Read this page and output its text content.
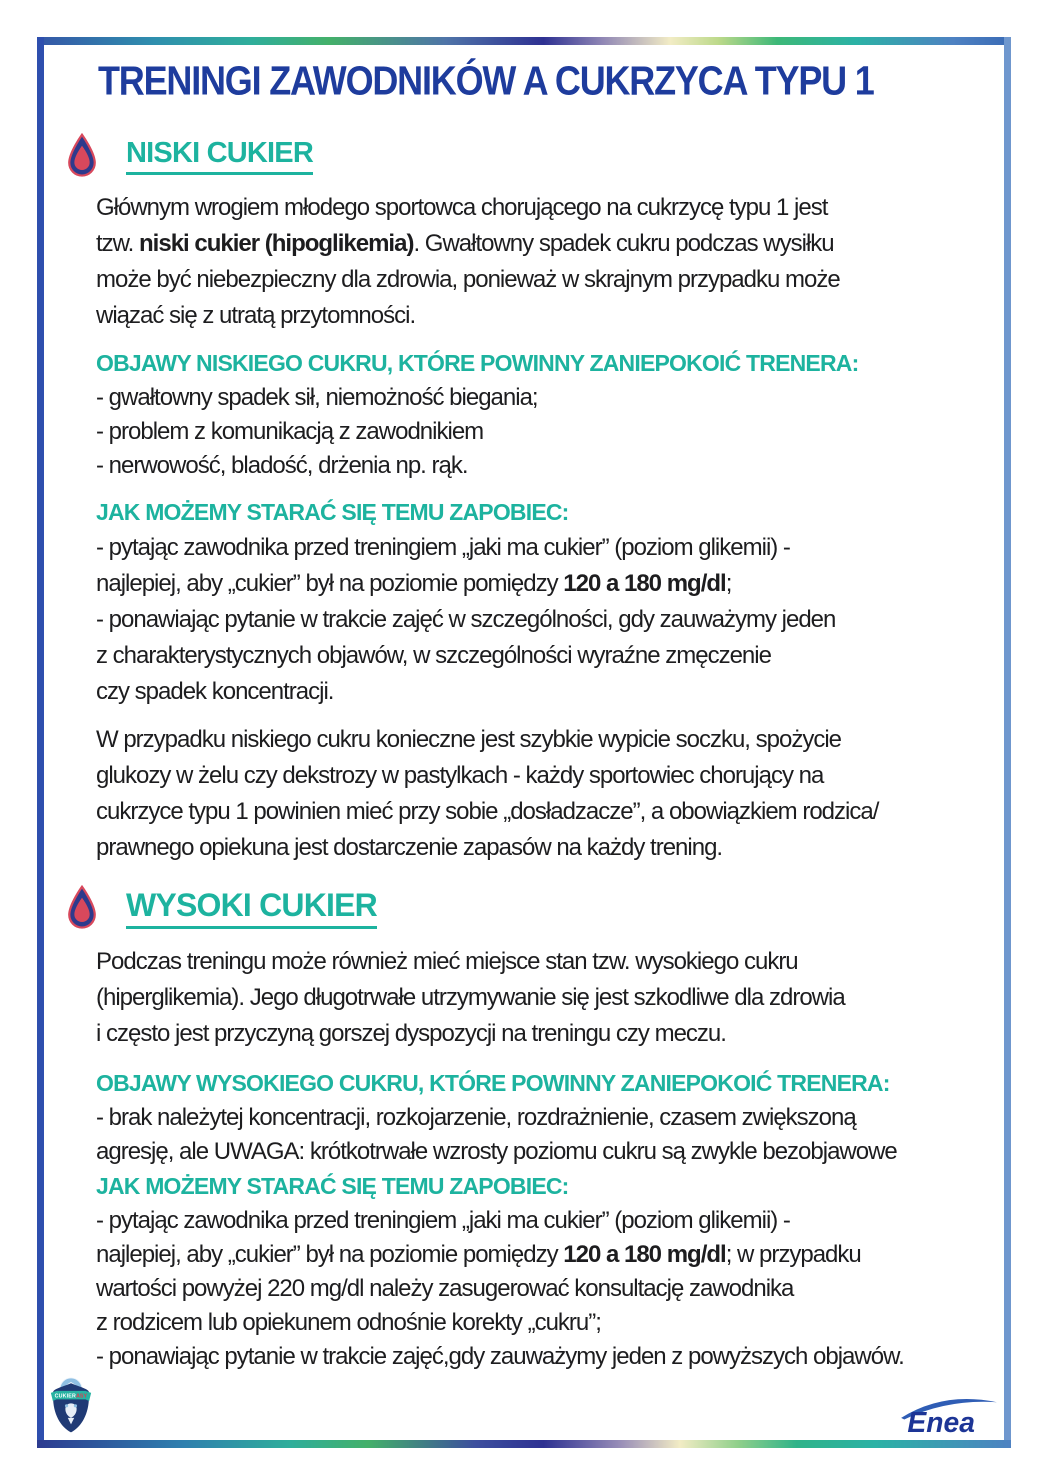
TRENINGI ZAWODNIKÓW A CUKRZYCA TYPU 1
NISKI CUKIER
Głównym wrogiem młodego sportowca chorującego na cukrzycę typu 1 jest
tzw. niski cukier (hipoglikemia). Gwałtowny spadek cukru podczas wysiłku
może być niebezpieczny dla zdrowia, ponieważ w skrajnym przypadku może
wiązać się z utratą przytomności.
OBJAWY NISKIEGO CUKRU, KTÓRE POWINNY ZANIEPOKOIĆ TRENERA:
- gwałtowny spadek sił, niemożność biegania;
- problem z komunikacją z zawodnikiem
- nerwowość, bladość, drżenia np. rąk.
JAK MOŻEMY STARAĆ SIĘ TEMU ZAPOBIEC:
- pytając zawodnika przed treningiem „jaki ma cukier” (poziom glikemii) -
najlepiej, aby „cukier” był na poziomie pomiędzy 120 a 180 mg/dl;
- ponawiając pytanie w trakcie zajęć w szczególności, gdy zauważymy jeden
z charakterystycznych objawów, w szczególności wyraźne zmęczenie
czy spadek koncentracji.
W przypadku niskiego cukru konieczne jest szybkie wypicie soczku, spożycie
glukozy w żelu czy dekstrozy w pastylkach - każdy sportowiec chorujący na
cukrzyce typu 1 powinien mieć przy sobie „dosładzacze”, a obowiązkiem rodzica/
prawnego opiekuna jest dostarczenie zapasów na każdy trening.
WYSOKI CUKIER
Podczas treningu może również mieć miejsce stan tzw. wysokiego cukru
(hiperglikemia). Jego długotrwałe utrzymywanie się jest szkodliwe dla zdrowia
i często jest przyczyną gorszej dyspozycji na treningu czy meczu.
OBJAWY WYSOKIEGO CUKRU, KTÓRE POWINNY ZANIEPOKOIĆ TRENERA:
- brak należytej koncentracji, rozkojarzenie, rozdrażnienie, czasem zwiększoną
agresję, ale UWAGA: krótkotrwałe wzrosty poziomu cukru są zwykle bezobjawowe
JAK MOŻEMY STARAĆ SIĘ TEMU ZAPOBIEC:
- pytając zawodnika przed treningiem „jaki ma cukier” (poziom glikemii) -
najlepiej, aby „cukier” był na poziomie pomiędzy 120 a 180 mg/dl; w przypadku
wartości powyżej 220 mg/dl należy zasugerować konsultację zawodnika
z rodzicem lub opiekunem odnośnie korekty „cukru”;
- ponawiając pytanie w trakcie zajęć,gdy zauważymy jeden z powyższych objawów.
CUKIERASY
Enea
